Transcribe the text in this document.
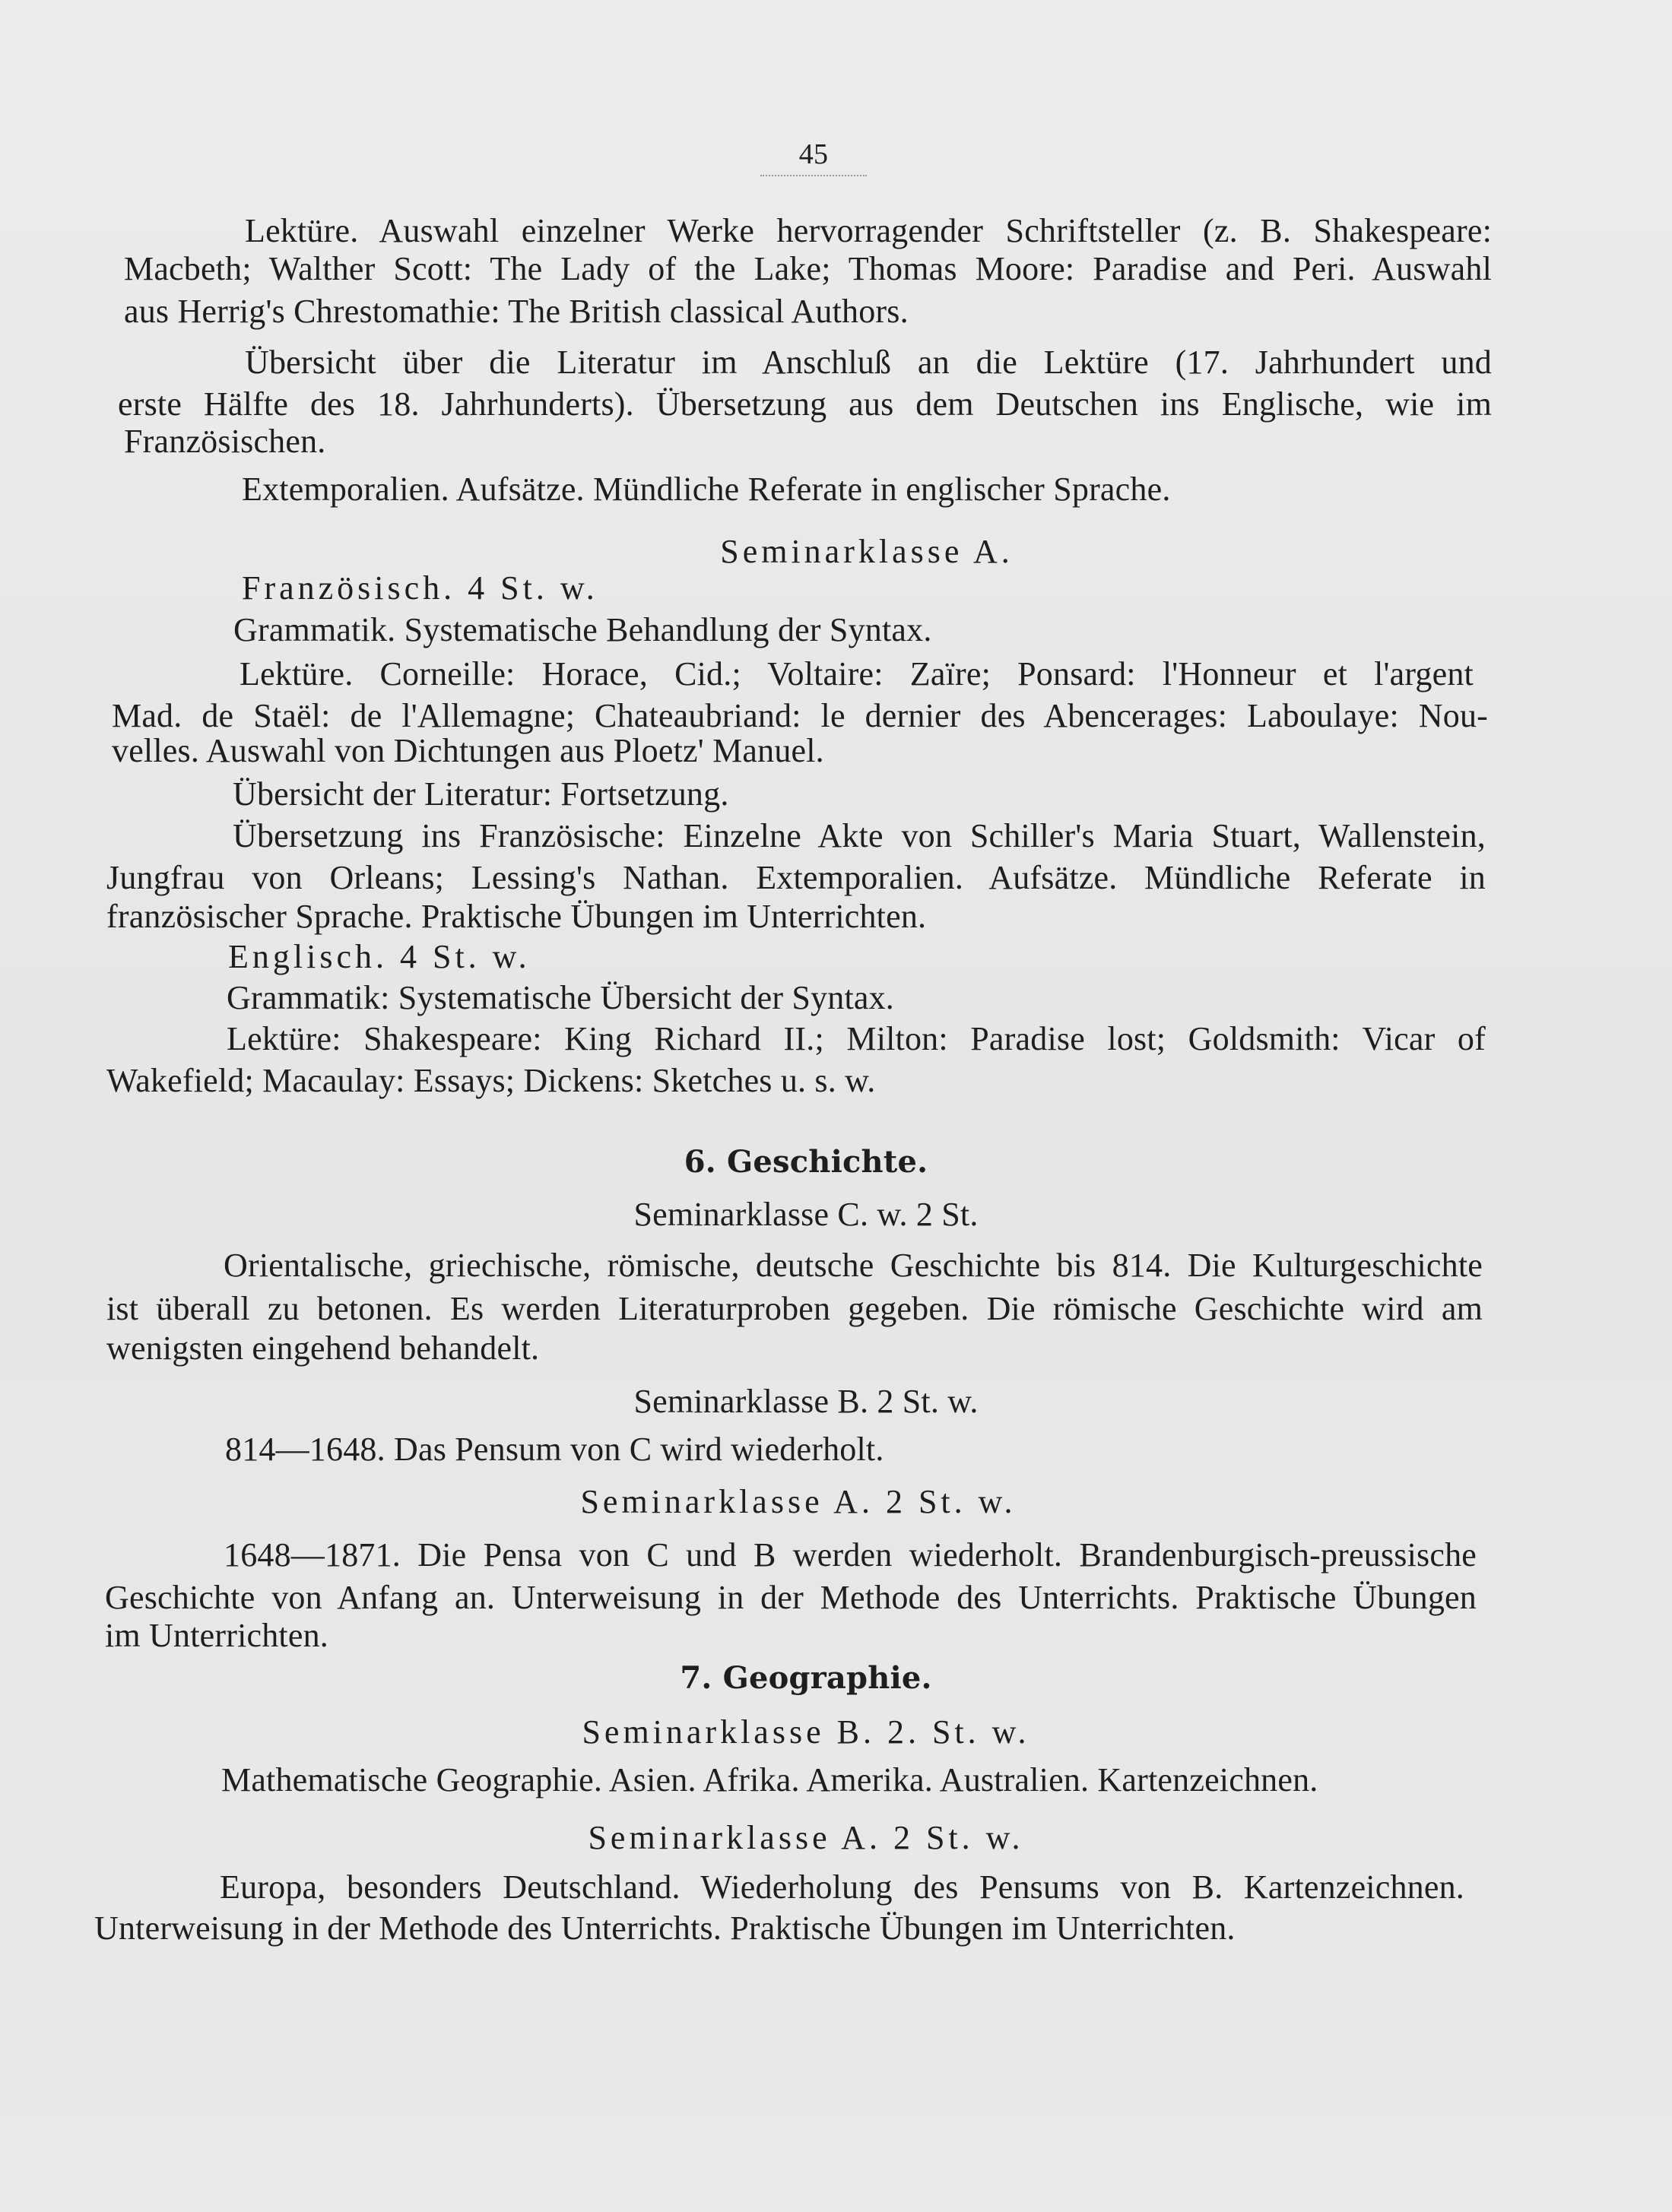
45
Lektüre. Auswahl einzelner Werke hervorragender Schriftsteller (z. B. Shakespeare:
Macbeth; Walther Scott: The Lady of the Lake; Thomas Moore: Paradise and Peri. Auswahl
aus Herrig's Chrestomathie: The British classical Authors.
Übersicht über die Literatur im Anschluß an die Lektüre (17. Jahrhundert und
erste Hälfte des 18. Jahrhunderts). Übersetzung aus dem Deutschen ins Englische, wie im
Französischen.
Extemporalien. Aufsätze. Mündliche Referate in englischer Sprache.
Seminarklasse A.
Französisch. 4 St. w.
Grammatik. Systematische Behandlung der Syntax.
Lektüre. Corneille: Horace, Cid.; Voltaire: Zaïre; Ponsard: l'Honneur et l'argent
Mad. de Staël: de l'Allemagne; Chateaubriand: le dernier des Abencerages: Laboulaye: Nou-
velles. Auswahl von Dichtungen aus Ploetz' Manuel.
Übersicht der Literatur: Fortsetzung.
Übersetzung ins Französische: Einzelne Akte von Schiller's Maria Stuart, Wallenstein,
Jungfrau von Orleans; Lessing's Nathan. Extemporalien. Aufsätze. Mündliche Referate in
französischer Sprache. Praktische Übungen im Unterrichten.
Englisch. 4 St. w.
Grammatik: Systematische Übersicht der Syntax.
Lektüre: Shakespeare: King Richard II.; Milton: Paradise lost; Goldsmith: Vicar of
Wakefield; Macaulay: Essays; Dickens: Sketches u. s. w.
6. Geschichte.
Seminarklasse C. w. 2 St.
Orientalische, griechische, römische, deutsche Geschichte bis 814. Die Kulturgeschichte
ist überall zu betonen. Es werden Literaturproben gegeben. Die römische Geschichte wird am
wenigsten eingehend behandelt.
Seminarklasse B. 2 St. w.
814—1648. Das Pensum von C wird wiederholt.
Seminarklasse A. 2 St. w.
1648—1871. Die Pensa von C und B werden wiederholt. Brandenburgisch-preussische
Geschichte von Anfang an. Unterweisung in der Methode des Unterrichts. Praktische Übungen
im Unterrichten.
7. Geographie.
Seminarklasse B. 2. St. w.
Mathematische Geographie. Asien. Afrika. Amerika. Australien. Kartenzeichnen.
Seminarklasse A. 2 St. w.
Europa, besonders Deutschland. Wiederholung des Pensums von B. Kartenzeichnen.
Unterweisung in der Methode des Unterrichts. Praktische Übungen im Unterrichten.
